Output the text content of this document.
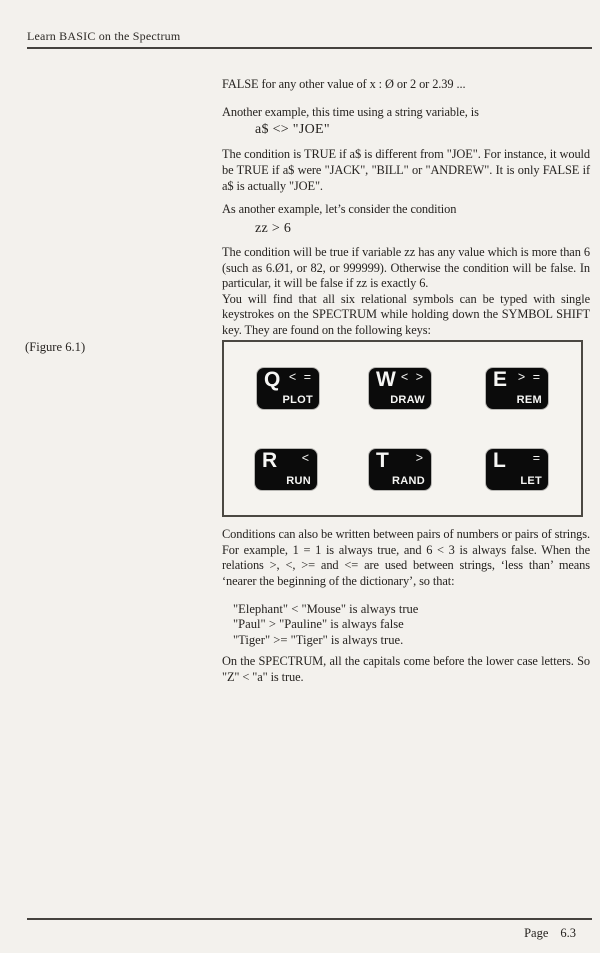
Learn BASIC on the Spectrum

FALSE for any other value of x : Ø or 2 or 2.39 ...

Another example, this time using a string variable, is

a$ <> "JOE"

The condition is TRUE if a$ is different from "JOE". For instance, it would be TRUE if a$ were "JACK", "BILL" or "ANDREW". It is only FALSE if a$ is actually "JOE".

As another example, let’s consider the condition

zz > 6

The condition will be true if variable zz has any value which is more than 6 (such as 6.Ø1, or 82, or 999999). Otherwise the condition will be false. In particular, it will be false if zz is exactly 6.

You will find that all six relational symbols can be typed with single keystrokes on the SPECTRUM while holding down the SYMBOL SHIFT key. They are found on the following keys:

(Figure 6.1)
Q < =
PLOT
W < >
DRAW
E > =
REM
R <
RUN
T >
RAND
L =
LET

Conditions can also be written between pairs of numbers or pairs of strings. For example, 1 = 1 is always true, and 6 < 3 is always false. When the relations >, <, >= and <= are used between strings, ‘less than’ means ‘nearer the beginning of the dictionary’, so that:

"Elephant" < "Mouse" is always true
"Paul" > "Pauline" is always false
"Tiger" >= "Tiger" is always true.

On the SPECTRUM, all the capitals come before the lower case letters. So "Z" < "a" is true.

Page 6.3
